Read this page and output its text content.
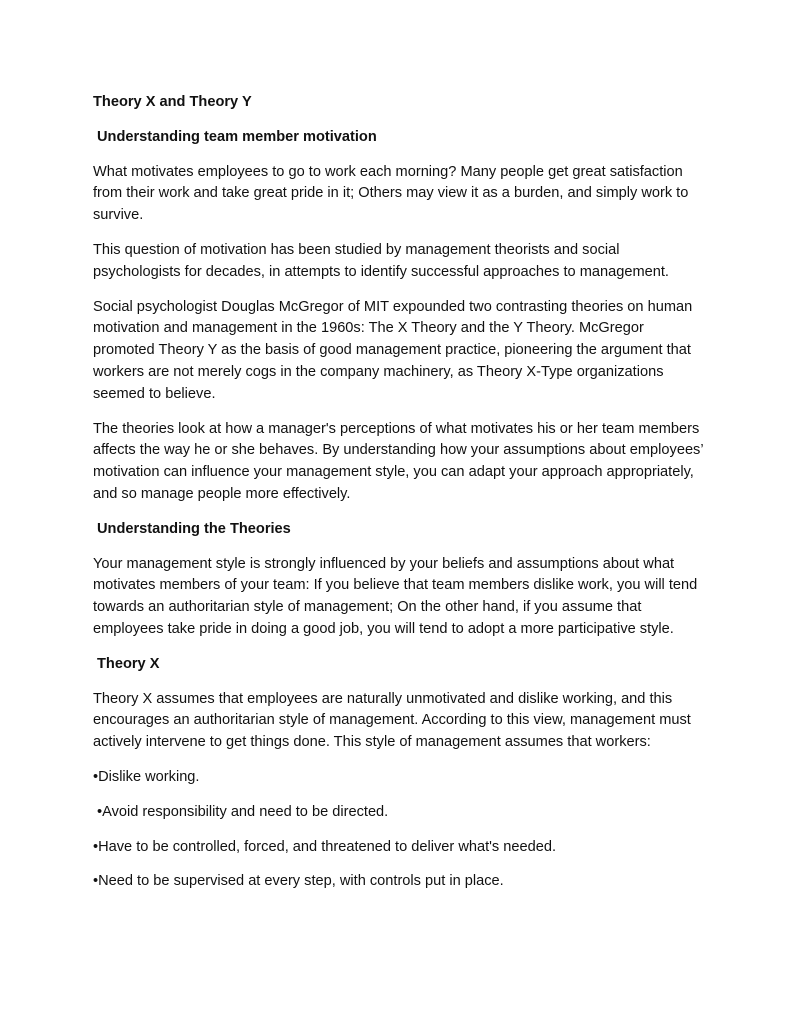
Theory X and Theory Y
Understanding team member motivation
What motivates employees to go to work each morning? Many people get great satisfaction from their work and take great pride in it; Others may view it as a burden, and simply work to survive.
This question of motivation has been studied by management theorists and social psychologists for decades, in attempts to identify successful approaches to management.
Social psychologist Douglas McGregor of MIT expounded two contrasting theories on human motivation and management in the 1960s: The X Theory and the Y Theory. McGregor promoted Theory Y as the basis of good management practice, pioneering the argument that workers are not merely cogs in the company machinery, as Theory X-Type organizations seemed to believe.
The theories look at how a manager's perceptions of what motivates his or her team members affects the way he or she behaves. By understanding how your assumptions about employees’ motivation can influence your management style, you can adapt your approach appropriately, and so manage people more effectively.
Understanding the Theories
Your management style is strongly influenced by your beliefs and assumptions about what motivates members of your team: If you believe that team members dislike work, you will tend towards an authoritarian style of management; On the other hand, if you assume that employees take pride in doing a good job, you will tend to adopt a more participative style.
Theory X
Theory X assumes that employees are naturally unmotivated and dislike working, and this encourages an authoritarian style of management. According to this view, management must actively intervene to get things done. This style of management assumes that workers:
•Dislike working.
•Avoid responsibility and need to be directed.
•Have to be controlled, forced, and threatened to deliver what's needed.
•Need to be supervised at every step, with controls put in place.
